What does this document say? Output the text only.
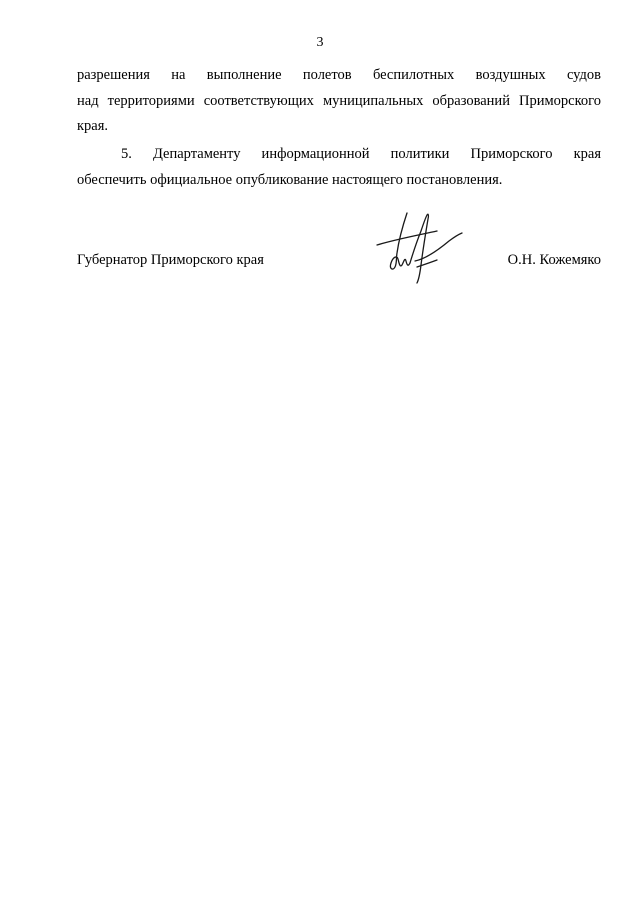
3
разрешения на выполнение полетов беспилотных воздушных судов
над территориями соответствующих муниципальных образований Приморского
края.
5. Департаменту информационной политики Приморского края
обеспечить официальное опубликование настоящего постановления.
Губернатор Приморского края	О.Н. Кожемяко
